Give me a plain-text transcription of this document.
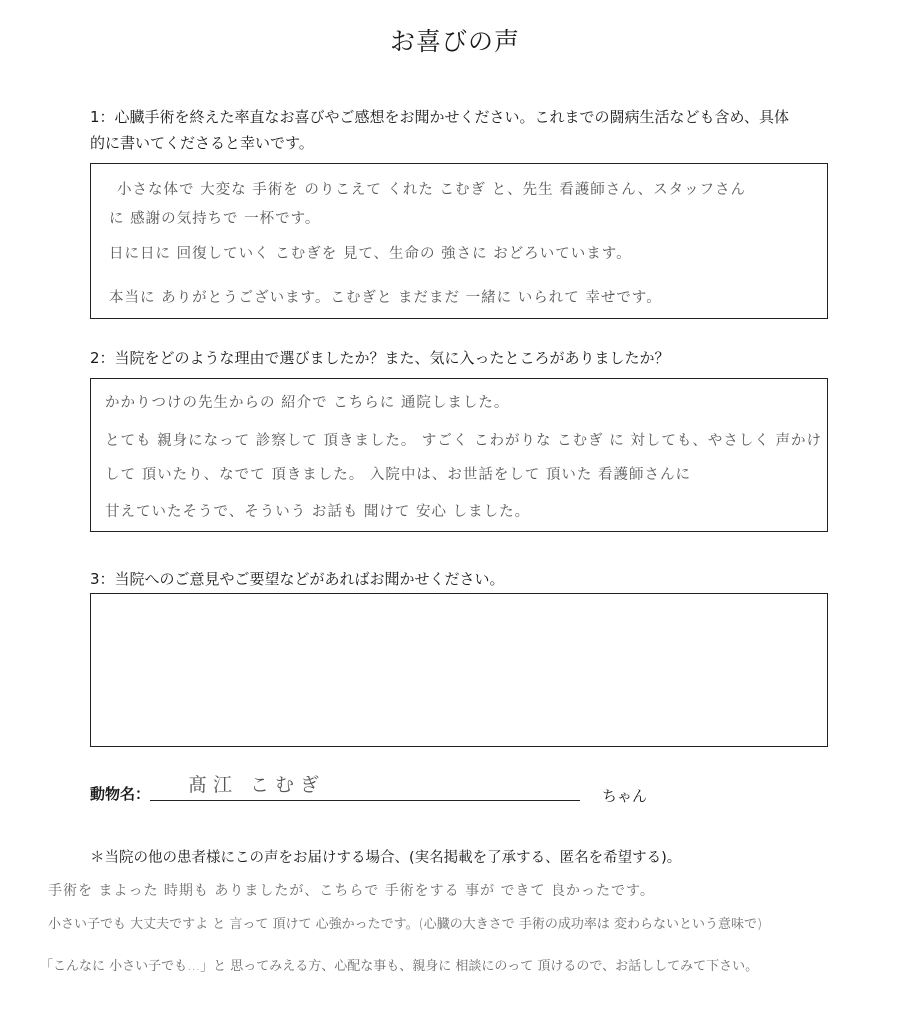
お喜びの声
1：心臓手術を終えた率直なお喜びやご感想をお聞かせください。これまでの闘病生活なども含め、具体
的に書いてくださると幸いです。
小さな体で 大変な 手術を のりこえて くれた こむぎ と、先生 看護師さん、スタッフさん
に 感謝の気持ちで 一杯です。
日に日に 回復していく こむぎを 見て、生命の 強さに おどろいています。
本当に ありがとうございます。こむぎと まだまだ 一緒に いられて 幸せです。
2：当院をどのような理由で選びましたか？また、気に入ったところがありましたか？
かかりつけの先生からの 紹介で こちらに 通院しました。
とても 親身になって 診察して 頂きました。 すごく こわがりな こむぎ に 対しても、やさしく 声かけ
して 頂いたり、なでて 頂きました。 入院中は、お世話をして 頂いた 看護師さんに
甘えていたそうで、そういう お話も 聞けて 安心 しました。
3：当院へのご意見やご要望などがあればお聞かせください。
動物名： 髙江 こむぎ	ちゃん
＊当院の他の患者様にこの声をお届けする場合、(実名掲載を了承する、匿名を希望する)。
手術を まよった 時期も ありましたが、こちらで 手術をする 事が できて 良かったです。
小さい子でも 大丈夫ですよ と 言って 頂けて 心強かったです。(心臓の大きさで 手術の成功率は 変わらないという意味で)
「こんなに 小さい子でも…」と 思ってみえる方、心配な事も、親身に 相談にのって 頂けるので、お話ししてみて下さい。
